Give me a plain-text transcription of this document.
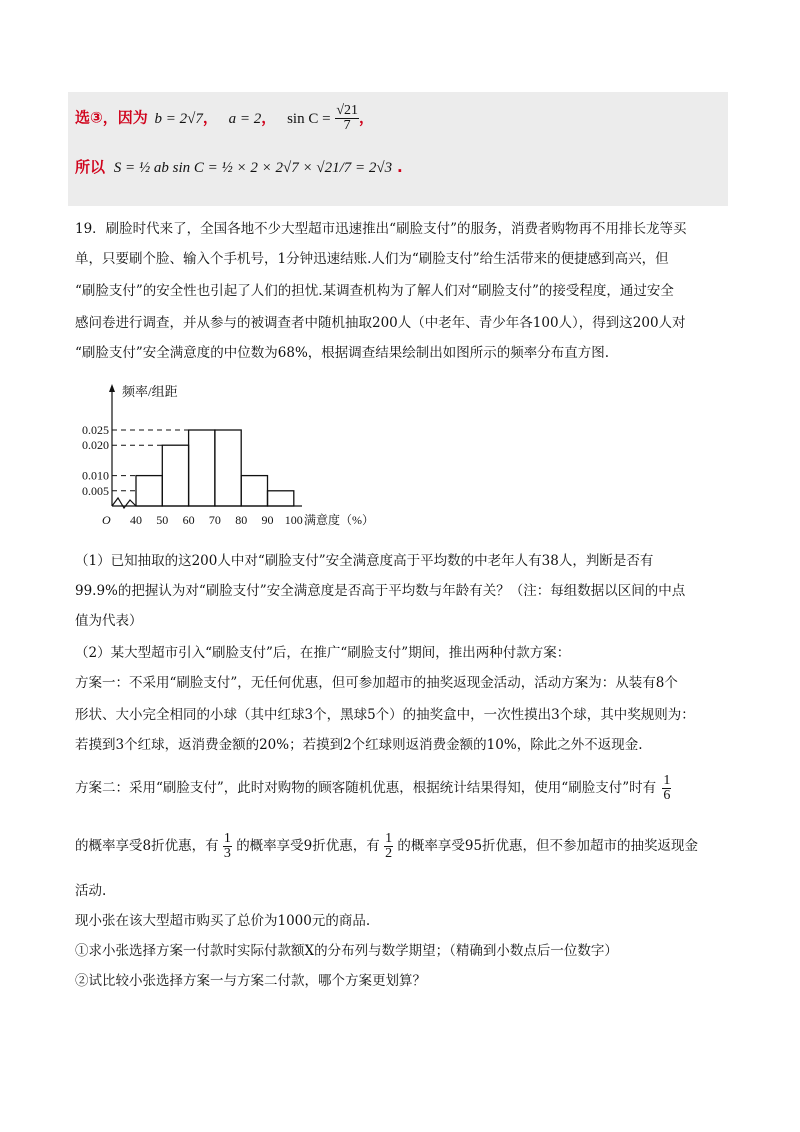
选③，因为 b = 2√7， a = 2， $\sin C = \frac{√21}{7}$ ，
所以 S = ½ ab sin C = ½ × 2 × 2√7 × √21/7 = 2√3 .
19．刷脸时代来了，全国各地不少大型超市迅速推出“刷脸支付”的服务，消费者购物再不用排长龙等买
单，只要刷个脸、输入个手机号，1分钟迅速结账.人们为“刷脸支付”给生活带来的便捷感到高兴，但
“刷脸支付”的安全性也引起了人们的担忧.某调查机构为了解人们对“刷脸支付”的接受程度，通过安全
感问卷进行调查，并从参与的被调查者中随机抽取200人（中老年、青少年各100人），得到这200人对
“刷脸支付”安全满意度的中位数为68%，根据调查结果绘制出如图所示的频率分布直方图.
0.005
0.010
0.020
0.025
40 50 60 70 80 90 100
O
频率/组距
满意度（%）
（1）已知抽取的这200人中对“刷脸支付”安全满意度高于平均数的中老年人有38人，判断是否有
99.9%的把握认为对“刷脸支付”安全满意度是否高于平均数与年龄有关？（注：每组数据以区间的中点
值为代表）
（2）某大型超市引入“刷脸支付”后，在推广“刷脸支付”期间，推出两种付款方案：
方案一：不采用“刷脸支付”，无任何优惠，但可参加超市的抽奖返现金活动，活动方案为：从装有8个
形状、大小完全相同的小球（其中红球3个，黑球5个）的抽奖盒中，一次性摸出3个球，其中奖规则为：
若摸到3个红球，返消费金额的20%；若摸到2个红球则返消费金额的10%，除此之外不返现金.
方案二：采用“刷脸支付”，此时对购物的顾客随机优惠，根据统计结果得知，使用“刷脸支付”时有 $\frac{1}{6}$
的概率享受8折优惠，有 $\frac{1}{3}$ 的概率享受9折优惠，有 $\frac{1}{2}$ 的概率享受95折优惠，但不参加超市的抽奖返现金
活动.
现小张在该大型超市购买了总价为1000元的商品.
①求小张选择方案一付款时实际付款额X的分布列与数学期望；（精确到小数点后一位数字）
②试比较小张选择方案一与方案二付款，哪个方案更划算？
